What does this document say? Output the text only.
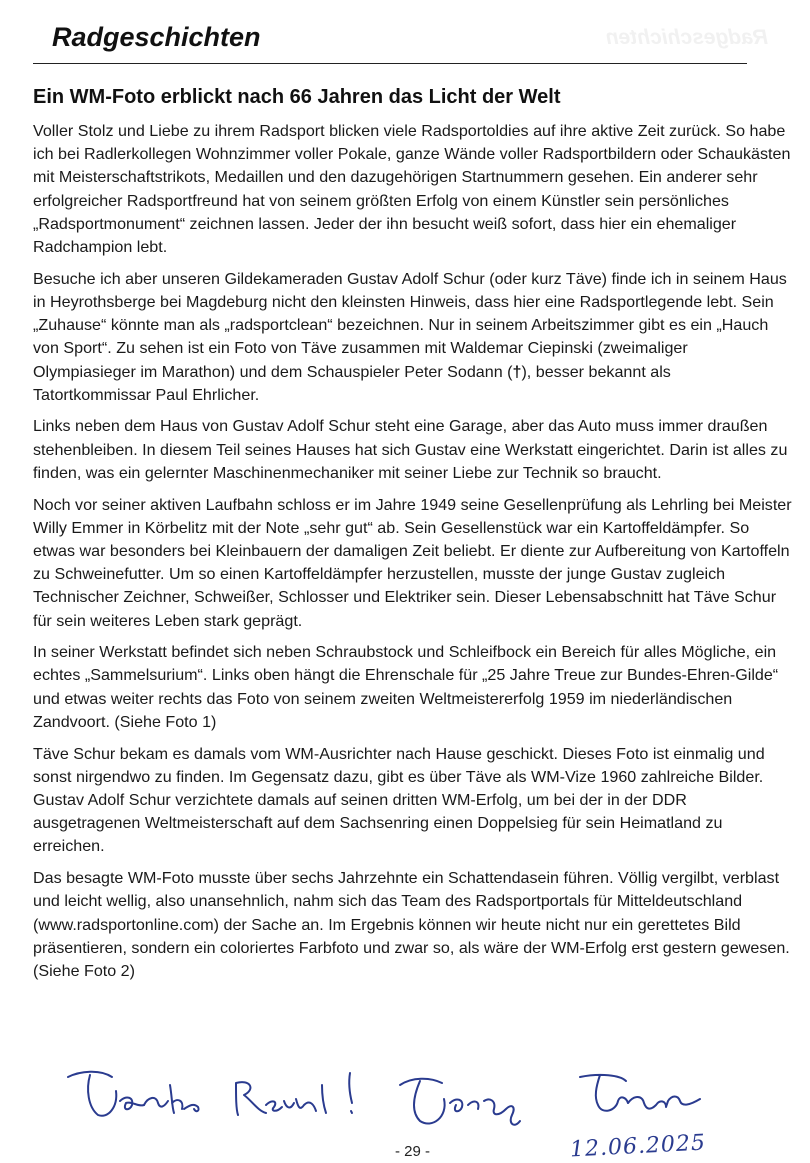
Radgeschichten
Radgeschichten
Ein WM-Foto erblickt nach 66 Jahren das Licht der Welt

Voller Stolz und Liebe zu ihrem Radsport blicken viele Radsportoldies auf ihre aktive Zeit zurück. So habe ich bei Radlerkollegen Wohnzimmer voller Pokale, ganze Wände voller Radsportbildern oder Schaukästen mit Meisterschaftstrikots, Medaillen und den dazugehörigen Startnummern gesehen. Ein anderer sehr erfolgreicher Radsportfreund hat von seinem größten Erfolg von einem Künstler sein persönliches „Radsportmonument“ zeichnen lassen. Jeder der ihn besucht weiß sofort, dass hier ein ehemaliger Radchampion lebt.

Besuche ich aber unseren Gildekameraden Gustav Adolf Schur (oder kurz Täve) finde ich in seinem Haus in Heyrothsberge bei Magdeburg nicht den kleinsten Hinweis, dass hier eine Radsportlegende lebt. Sein „Zuhause“ könnte man als „radsportclean“ bezeichnen. Nur in seinem Arbeitszimmer gibt es ein „Hauch von Sport“. Zu sehen ist ein Foto von Täve zusammen mit Waldemar Ciepinski (zweimaliger Olympiasieger im Marathon) und dem Schauspieler Peter Sodann (†), besser bekannt als Tatortkommissar Paul Ehrlicher.

Links neben dem Haus von Gustav Adolf Schur steht eine Garage, aber das Auto muss immer draußen stehenbleiben. In diesem Teil seines Hauses hat sich Gustav eine Werkstatt eingerichtet. Darin ist alles zu finden, was ein gelernter Maschinenmechaniker mit seiner Liebe zur Technik so braucht.

Noch vor seiner aktiven Laufbahn schloss er im Jahre 1949 seine Gesellenprüfung als Lehrling bei Meister Willy Emmer in Körbelitz mit der Note „sehr gut“ ab. Sein Gesellenstück war ein Kartoffeldämpfer. So etwas war besonders bei Kleinbauern der damaligen Zeit beliebt. Er diente zur Aufbereitung von Kartoffeln zu Schweinefutter. Um so einen Kartoffeldämpfer herzustellen, musste der junge Gustav zugleich Technischer Zeichner, Schweißer, Schlosser und Elektriker sein. Dieser Lebensabschnitt hat Täve Schur für sein weiteres Leben stark geprägt.

In seiner Werkstatt befindet sich neben Schraubstock und Schleifbock ein Bereich für alles Mögliche, ein echtes „Sammelsurium“. Links oben hängt die Ehrenschale für „25 Jahre Treue zur Bundes-Ehren-Gilde“ und etwas weiter rechts das Foto von seinem zweiten Weltmeistererfolg 1959 im niederländischen Zandvoort. (Siehe Foto 1)

Täve Schur bekam es damals vom WM-Ausrichter nach Hause geschickt. Dieses Foto ist einmalig und sonst nirgendwo zu finden. Im Gegensatz dazu, gibt es über Täve als WM-Vize 1960 zahlreiche Bilder. Gustav Adolf Schur verzichtete damals auf seinen dritten WM-Erfolg, um bei der in der DDR ausgetragenen Weltmeisterschaft auf dem Sachsenring einen Doppelsieg für sein Heimatland zu erreichen.

Das besagte WM-Foto musste über sechs Jahrzehnte ein Schattendasein führen. Völlig vergilbt, verblast und leicht wellig, also unansehnlich, nahm sich das Team des Radsportportals für Mitteldeutschland (www.radsportonline.com) der Sache an. Im Ergebnis können wir heute nicht nur ein gerettetes Bild präsentieren, sondern ein coloriertes Farbfoto und zwar so, als wäre der WM-Erfolg erst gestern gewesen. (Siehe Foto 2)

- 29 -	12.06.2025
